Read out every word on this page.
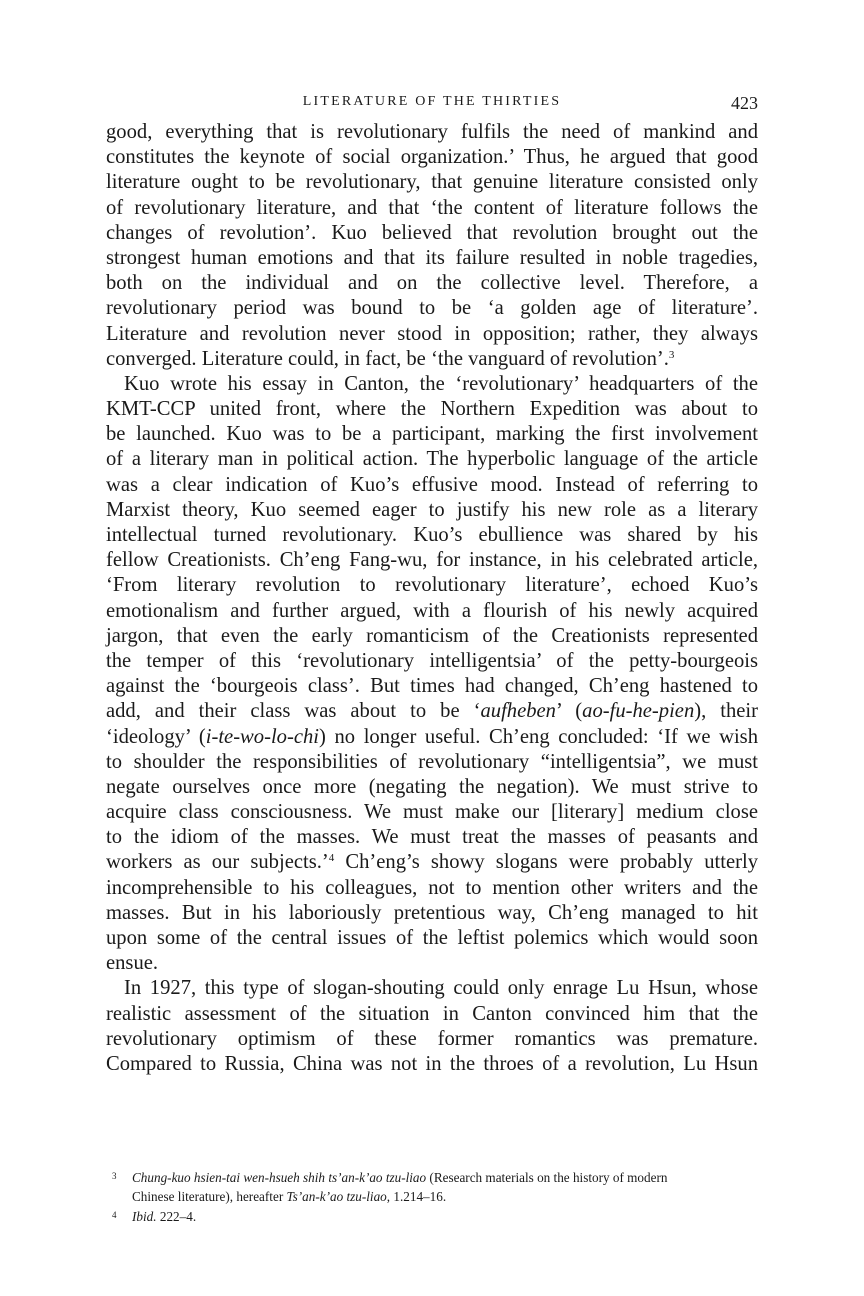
LITERATURE OF THE THIRTIES	423
good, everything that is revolutionary fulfils the need of mankind and
constitutes the keynote of social organization.’ Thus, he argued that good
literature ought to be revolutionary, that genuine literature consisted only
of revolutionary literature, and that ‘the content of literature follows the
changes of revolution’. Kuo believed that revolution brought out the
strongest human emotions and that its failure resulted in noble tragedies,
both on the individual and on the collective level. Therefore, a
revolutionary period was bound to be ‘a golden age of literature’.
Literature and revolution never stood in opposition; rather, they always
converged. Literature could, in fact, be ‘the vanguard of revolution’.$^3$
Kuo wrote his essay in Canton, the ‘revolutionary’ headquarters of the
KMT-CCP united front, where the Northern Expedition was about to
be launched. Kuo was to be a participant, marking the first involvement
of a literary man in political action. The hyperbolic language of the article
was a clear indication of Kuo’s effusive mood. Instead of referring to
Marxist theory, Kuo seemed eager to justify his new role as a literary
intellectual turned revolutionary. Kuo’s ebullience was shared by his
fellow Creationists. Ch’eng Fang-wu, for instance, in his celebrated article,
‘From literary revolution to revolutionary literature’, echoed Kuo’s
emotionalism and further argued, with a flourish of his newly acquired
jargon, that even the early romanticism of the Creationists represented
the temper of this ‘revolutionary intelligentsia’ of the petty-bourgeois
against the ‘bourgeois class’. But times had changed, Ch’eng hastened to
add, and their class was about to be ‘aufheben’ (ao-fu-he-pien), their
‘ideology’ (i-te-wo-lo-chi) no longer useful. Ch’eng concluded: ‘If we wish
to shoulder the responsibilities of revolutionary “intelligentsia”, we must
negate ourselves once more (negating the negation). We must strive to
acquire class consciousness. We must make our [literary] medium close
to the idiom of the masses. We must treat the masses of peasants and
workers as our subjects.’$^4$ Ch’eng’s showy slogans were probably utterly
incomprehensible to his colleagues, not to mention other writers and the
masses. But in his laboriously pretentious way, Ch’eng managed to hit
upon some of the central issues of the leftist polemics which would soon
ensue.
In 1927, this type of slogan-shouting could only enrage Lu Hsun, whose
realistic assessment of the situation in Canton convinced him that the
revolutionary optimism of these former romantics was premature.
Compared to Russia, China was not in the throes of a revolution, Lu Hsun
3 Chung-kuo hsien-tai wen-hsueh shih ts’an-k’ao tzu-liao (Research materials on the history of modern
Chinese literature), hereafter Ts’an-k’ao tzu-liao, 1.214–16.
4 Ibid. 222–4.
